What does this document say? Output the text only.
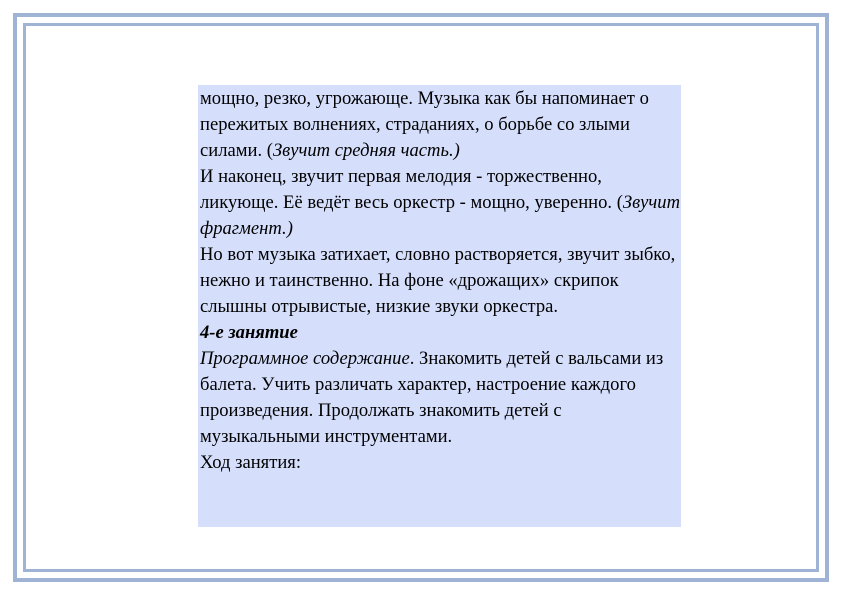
мощно, резко, угрожающе. Музыка как бы напоминает о пережитых волнениях, страданиях, о борьбе со злыми силами. (Звучит средняя часть.)

И наконец, звучит первая мелодия - торжественно, ликующе. Её ведёт весь оркестр - мощно, уверенно. (Звучит фрагмент.)

Но вот музыка затихает, словно растворяется, звучит зыбко, нежно и таинственно. На фоне «дрожащих» скрипок слышны отрывистые, низкие звуки оркестра.

4-е занятие

Программное содержание. Знакомить детей с вальсами из балета. Учить различать характер, настроение каждого произведения. Продолжать знакомить детей с музыкальными инструментами.

Ход занятия:
